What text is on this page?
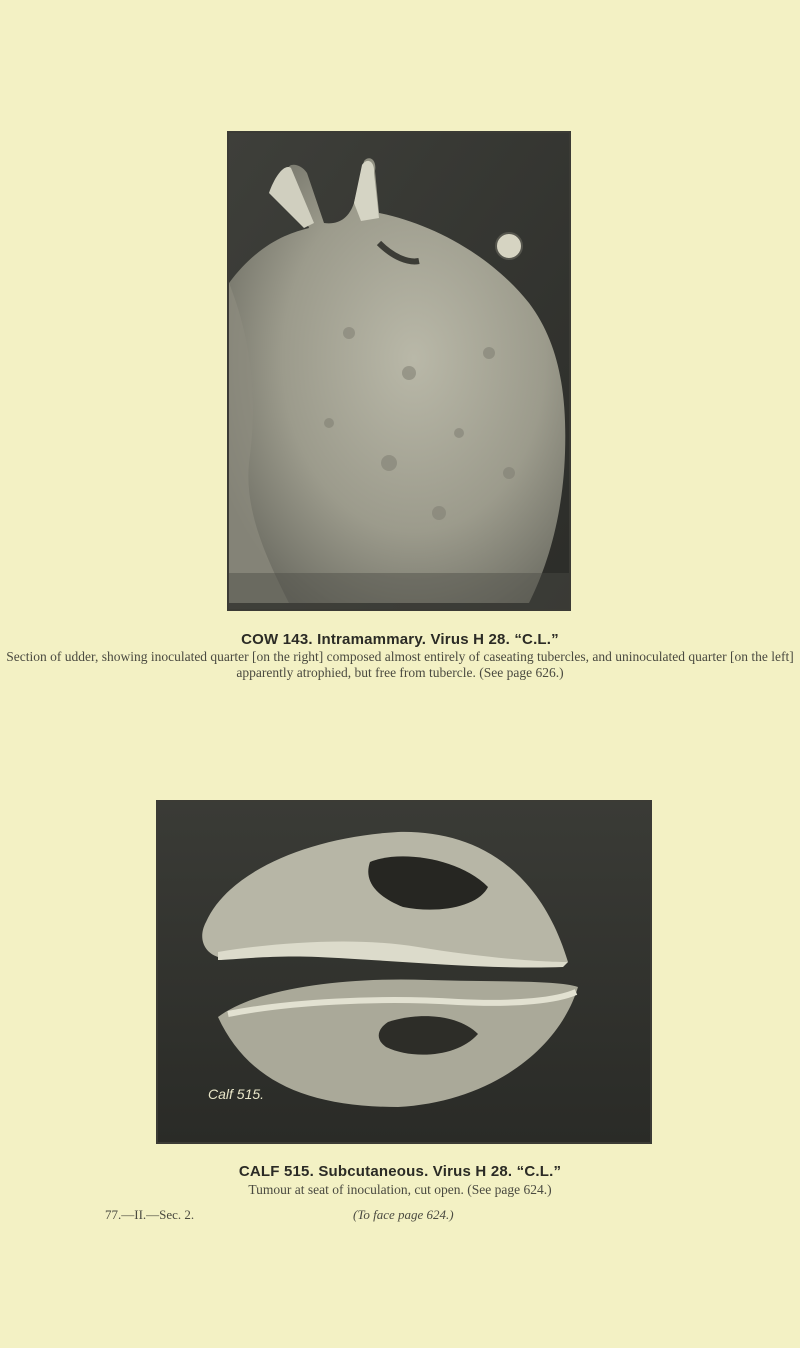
COW 143. Intramammary. Virus H 28. “C.L.”
Section of udder, showing inoculated quarter [on the right] composed almost entirely of caseating tubercles, and uninoculated quarter [on the left] apparently atrophied, but free from tubercle. (See page 626.)
Calf 515.
CALF 515. Subcutaneous. Virus H 28. “C.L.”
Tumour at seat of inoculation, cut open. (See page 624.)
77.—II.—Sec. 2.	(To face page 624.)
